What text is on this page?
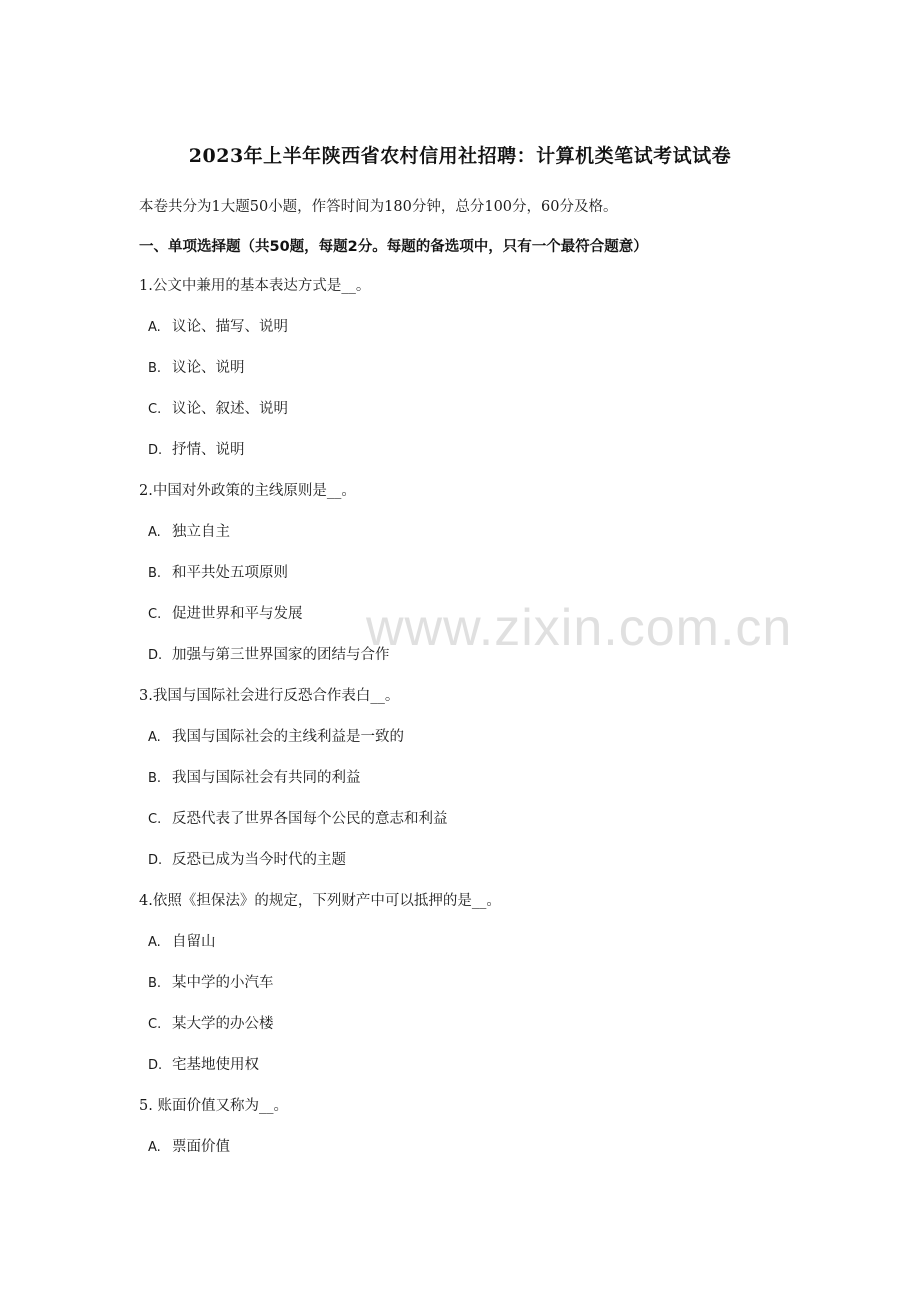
2023年上半年陕西省农村信用社招聘：计算机类笔试考试试卷
本卷共分为1大题50小题，作答时间为180分钟，总分100分，60分及格。
一、单项选择题（共50题，每题2分。每题的备选项中，只有一个最符合题意）
1.公文中兼用的基本表达方式是__。
A. 议论、描写、说明
B. 议论、说明
C. 议论、叙述、说明
D. 抒情、说明
2.中国对外政策的主线原则是__。
A. 独立自主
B. 和平共处五项原则
C. 促进世界和平与发展
D. 加强与第三世界国家的团结与合作
3.我国与国际社会进行反恐合作表白__。
A. 我国与国际社会的主线利益是一致的
B. 我国与国际社会有共同的利益
C. 反恐代表了世界各国每个公民的意志和利益
D. 反恐已成为当今时代的主题
4.依照《担保法》的规定，下列财产中可以抵押的是__。
A. 自留山
B. 某中学的小汽车
C. 某大学的办公楼
D. 宅基地使用权
5. 账面价值又称为__。
A. 票面价值
www.zixin.com.cn
